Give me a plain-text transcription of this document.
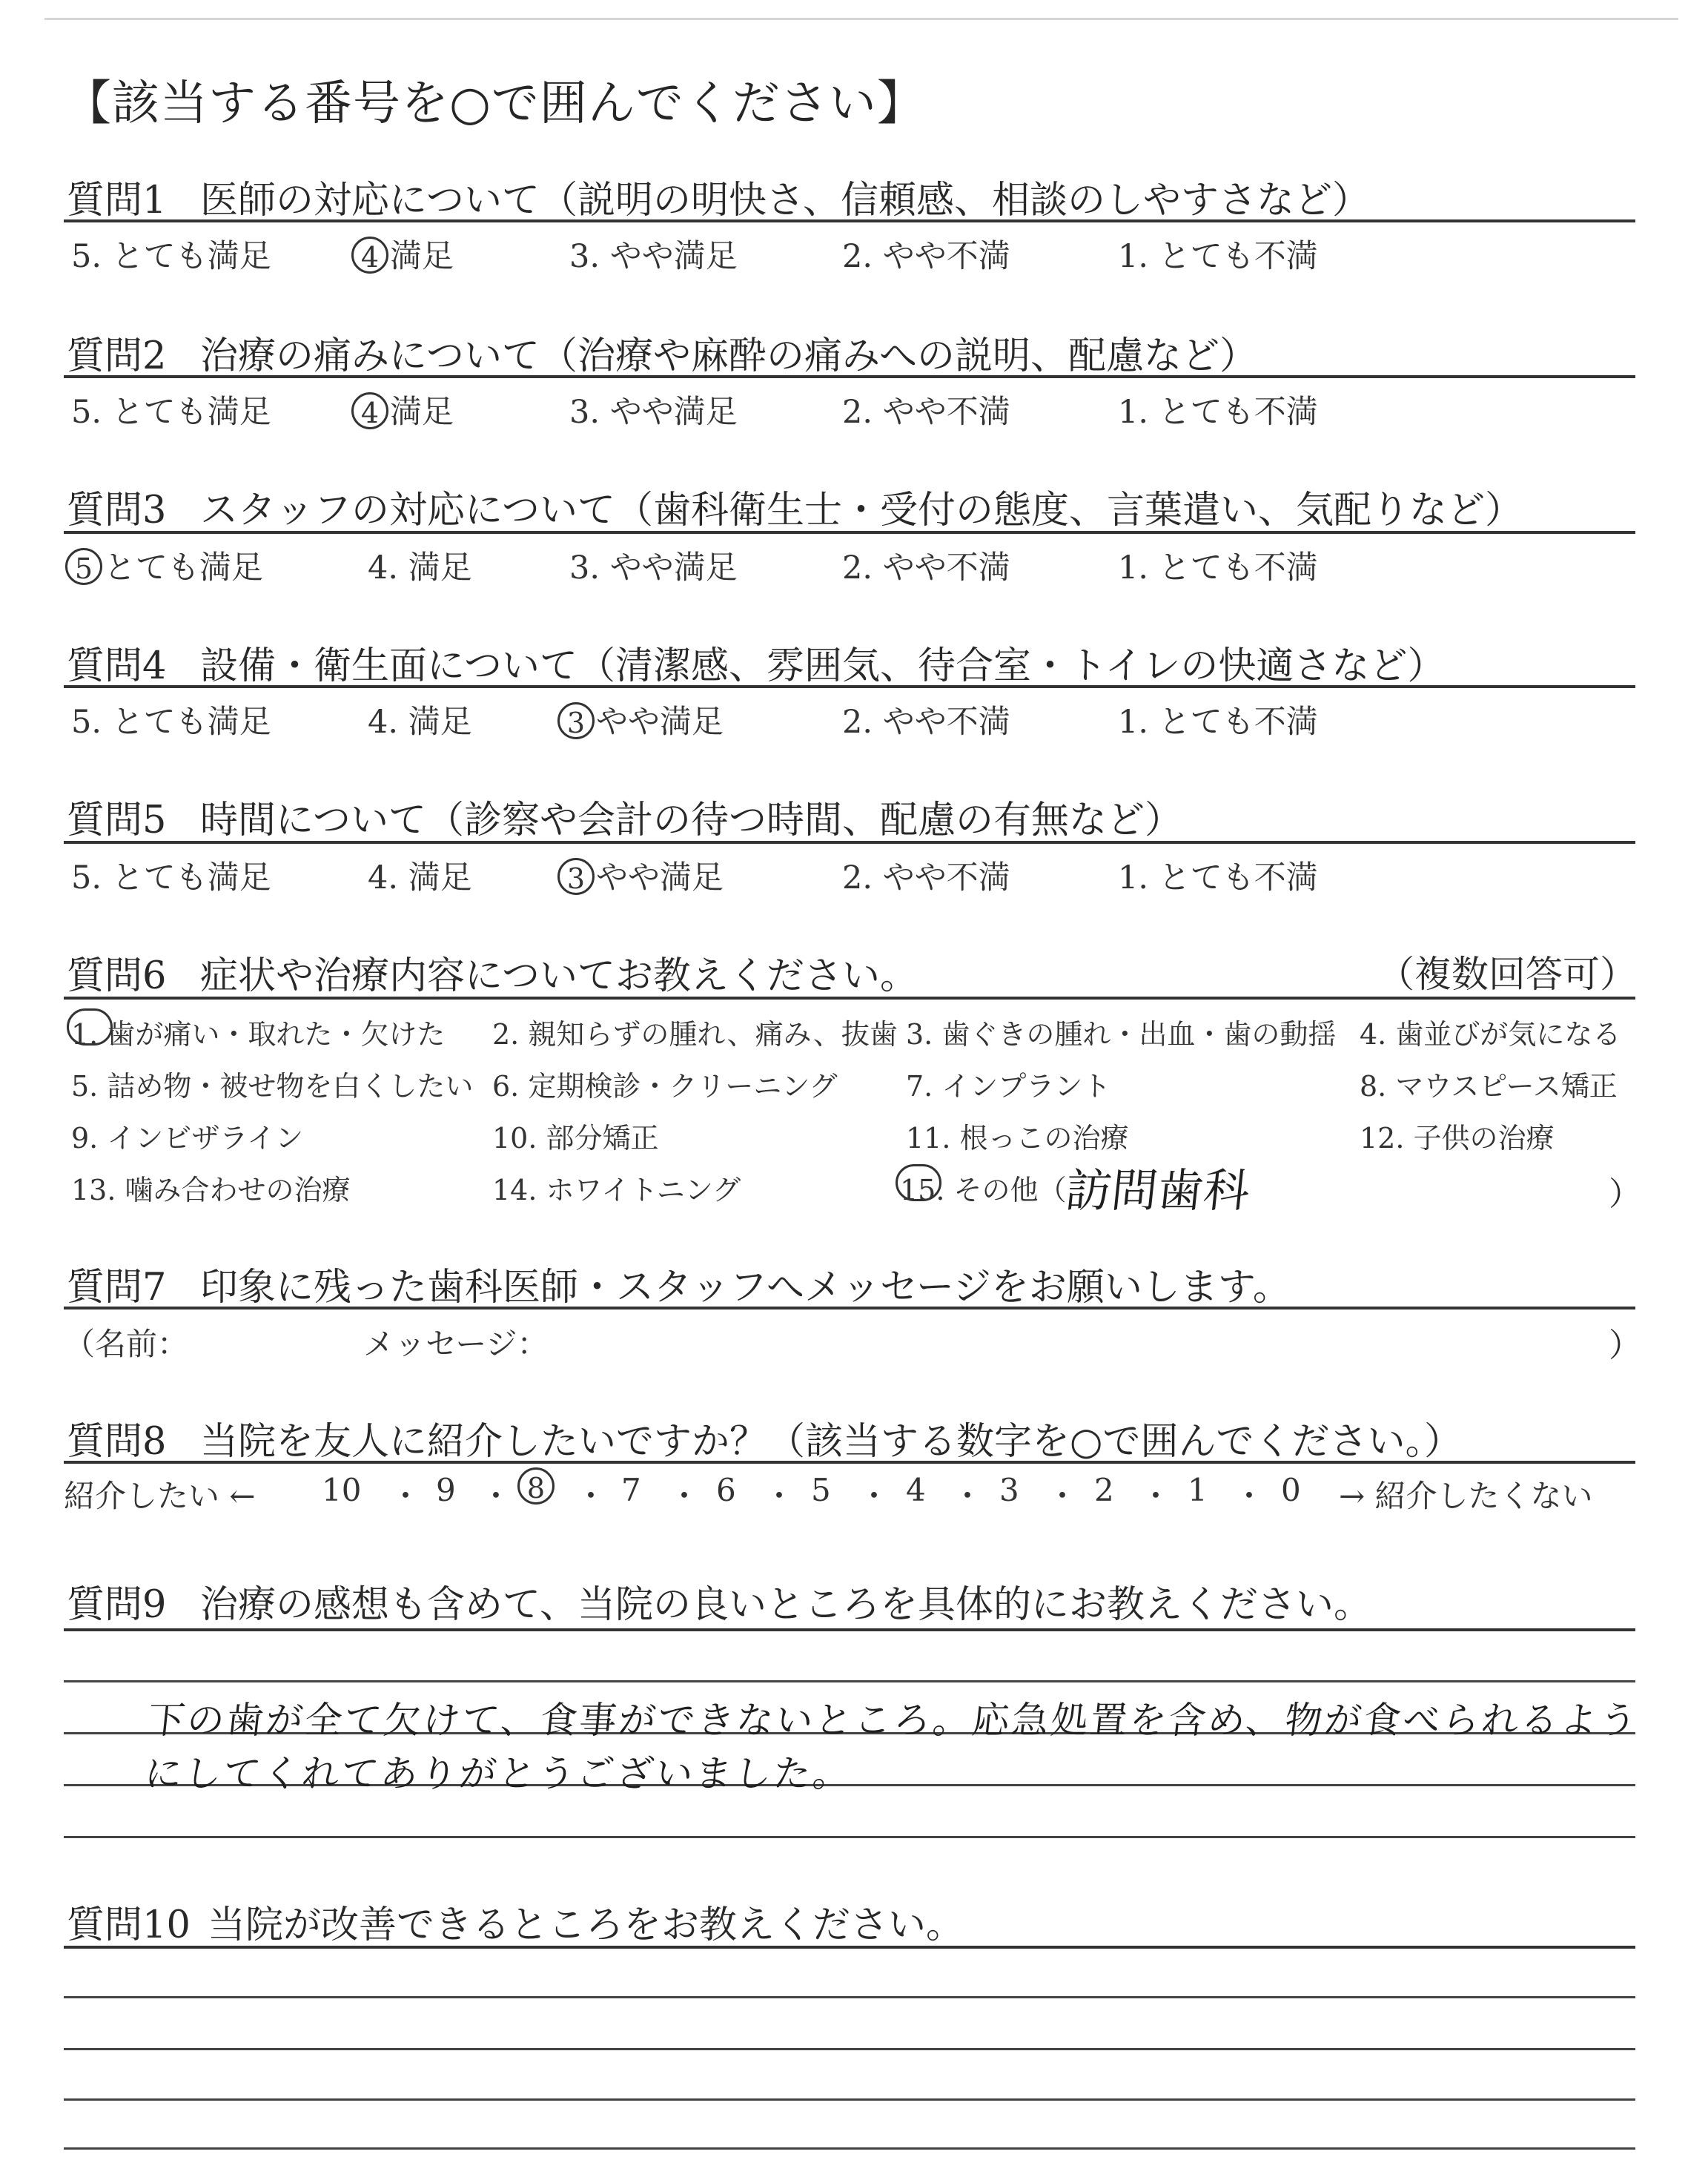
【該当する番号を○で囲んでください】
質問1 医師の対応について（説明の明快さ、信頼感、相談のしやすさなど）
5. とても満足	4 満足	3. やや満足	2. やや不満	1. とても不満
質問2 治療の痛みについて（治療や麻酔の痛みへの説明、配慮など）
5. とても満足	4 満足	3. やや満足	2. やや不満	1. とても不満
質問3 スタッフの対応について（歯科衛生士・受付の態度、言葉遣い、気配りなど）
5 とても満足	4. 満足	3. やや満足	2. やや不満	1. とても不満
質問4 設備・衛生面について（清潔感、雰囲気、待合室・トイレの快適さなど）
5. とても満足	4. 満足	3 やや満足	2. やや不満	1. とても不満
質問5 時間について（診察や会計の待つ時間、配慮の有無など）
5. とても満足	4. 満足	3 やや満足	2. やや不満	1. とても不満
質問6 症状や治療内容についてお教えください。	（複数回答可）
1. 歯が痛い・取れた・欠けた 2. 親知らずの腫れ、痛み、抜歯 3. 歯ぐきの腫れ・出血・歯の動揺 4. 歯並びが気になる
5. 詰め物・被せ物を白くしたい 6. 定期検診・クリーニング 7. インプラント	8. マウスピース矯正
9. インビザライン	10. 部分矯正	11. 根っこの治療	12. 子供の治療
13. 噛み合わせの治療	14. ホワイトニング	15. その他（
訪問歯科	）
質問7 印象に残った歯科医師・スタッフへメッセージをお願いします。
（名前：	メッセージ：	）
質問8 当院を友人に紹介したいですか？（該当する数字を○で囲んでください。）
紹介したい ← 10 ・ 9 ・ 8 ・ 7 ・ 6 ・ 5 ・ 4 ・ 3 ・ 2 ・ 1 ・ 0 → 紹介したくない
質問9 治療の感想も含めて、当院の良いところを具体的にお教えください。
下の歯が全て欠けて、食事ができないところ。応急処置を含め、物が食べられるよう
にしてくれてありがとうございました。
質問10 当院が改善できるところをお教えください。
